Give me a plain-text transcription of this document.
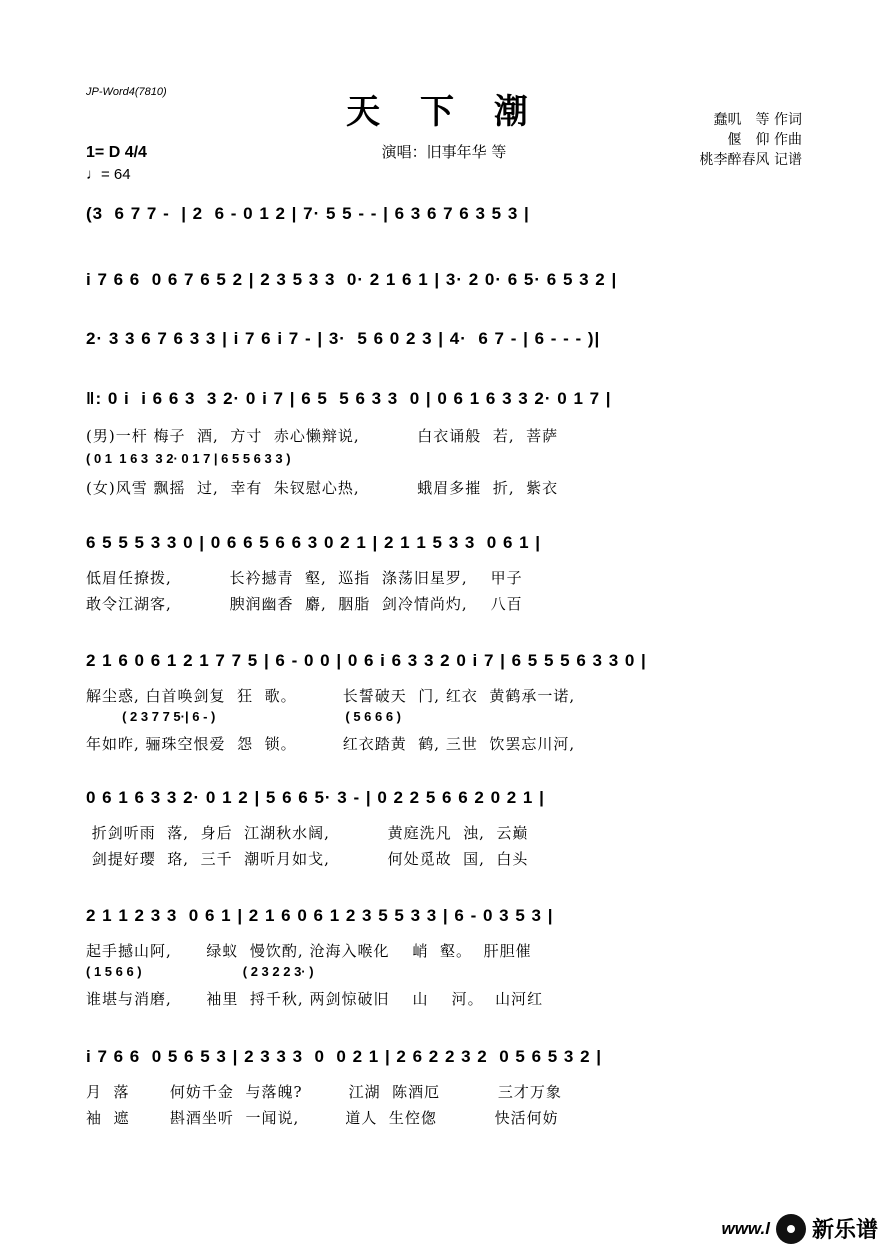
JP-Word4(7810)	天 下 潮
演唱：旧事年华 等
蠢叽　等 作词
偃　仰 作曲
桃李醉春风 记谱
1= D 4/4
♩= 64
(3  6 7 7 -  | 2  6 - 0 1 2 | 7· 5 5 - - | 6 3 6 7 6 3 5 3 |
i 7 6 6  0 6 7 6 5 2 | 2 3 5 3 3  0· 2 1 6 1 | 3· 2 0· 6 5· 6 5 3 2 |
2· 3 3 6 7 6 3 3 | i 7 6 i 7 - | 3·  5 6 0 2 3 | 4·  6 7 - | 6 - - - )|
‖: 0 i  i 6 6 3  3 2· 0 i 7 | 6 5  5 6 3 3  0 | 0 6 1 6 3 3 2· 0 1 7 |
(男)一杆 梅子  酒,  方寸  赤心懒辩说,          白衣诵般  若,  菩萨
( 0 1  1 6 3  3 2· 0 1 7 | 6 5 5 6 3 3 )
(女)风雪 飘摇  过,  幸有  朱钗慰心热,          蛾眉多摧  折,  紫衣
6 5 5 5 3 3 0 | 0 6 6 5 6 6 3 0 2 1 | 2 1 1 5 3 3  0 6 1 |
低眉任撩拨,          长衿撼青  壑,  巡指  涤荡旧星罗,    甲子
敢令江湖客,          腴润幽香  麝,  胭脂  剑冷情尚灼,    八百
2 1 6 0 6 1 2 1 7 7 5 | 6 - 0 0 | 0 6 i 6 3 3 2 0 i 7 | 6 5 5 5 6 3 3 0 |
解尘惑, 白首唤剑复  狂  歌。        长誓破天  门, 红衣  黄鹤承一诺,
( 2 3 7 7 5·| 6 - )                                    ( 5 6 6 6 )
年如昨, 骊珠空恨爱  怨  锁。        红衣踏黄  鹤, 三世  饮罢忘川河,
0 6 1 6 3 3 2· 0 1 2 | 5 6 6 5· 3 - | 0 2 2 5 6 6 2 0 2 1 |
折剑听雨  落,  身后  江湖秋水阔,          黄庭洗凡  浊,  云巅
剑提好璎  珞,  三千  潮听月如戈,          何处觅故  国,  白头
2 1 1 2 3 3  0 6 1 | 2 1 6 0 6 1 2 3 5 5 3 3 | 6 - 0 3 5 3 |
起手撼山阿,      绿蚁  慢饮酌, 沧海入喉化    峭  壑。  肝胆催
( 1 5 6 6 )                            ( 2 3 2 2 3· )
谁堪与消磨,      袖里  捋千秋, 两剑惊破旧    山    河。  山河红
i 7 6 6  0 5 6 5 3 | 2 3 3 3  0  0 2 1 | 2 6 2 2 3 2  0 5 6 5 3 2 |
月  落       何妨千金  与落魄?        江湖  陈酒厄          三才万象
袖  遮       斟酒坐听  一闻说,        道人  生倥偬          快活何妨
www.l 新乐谱
